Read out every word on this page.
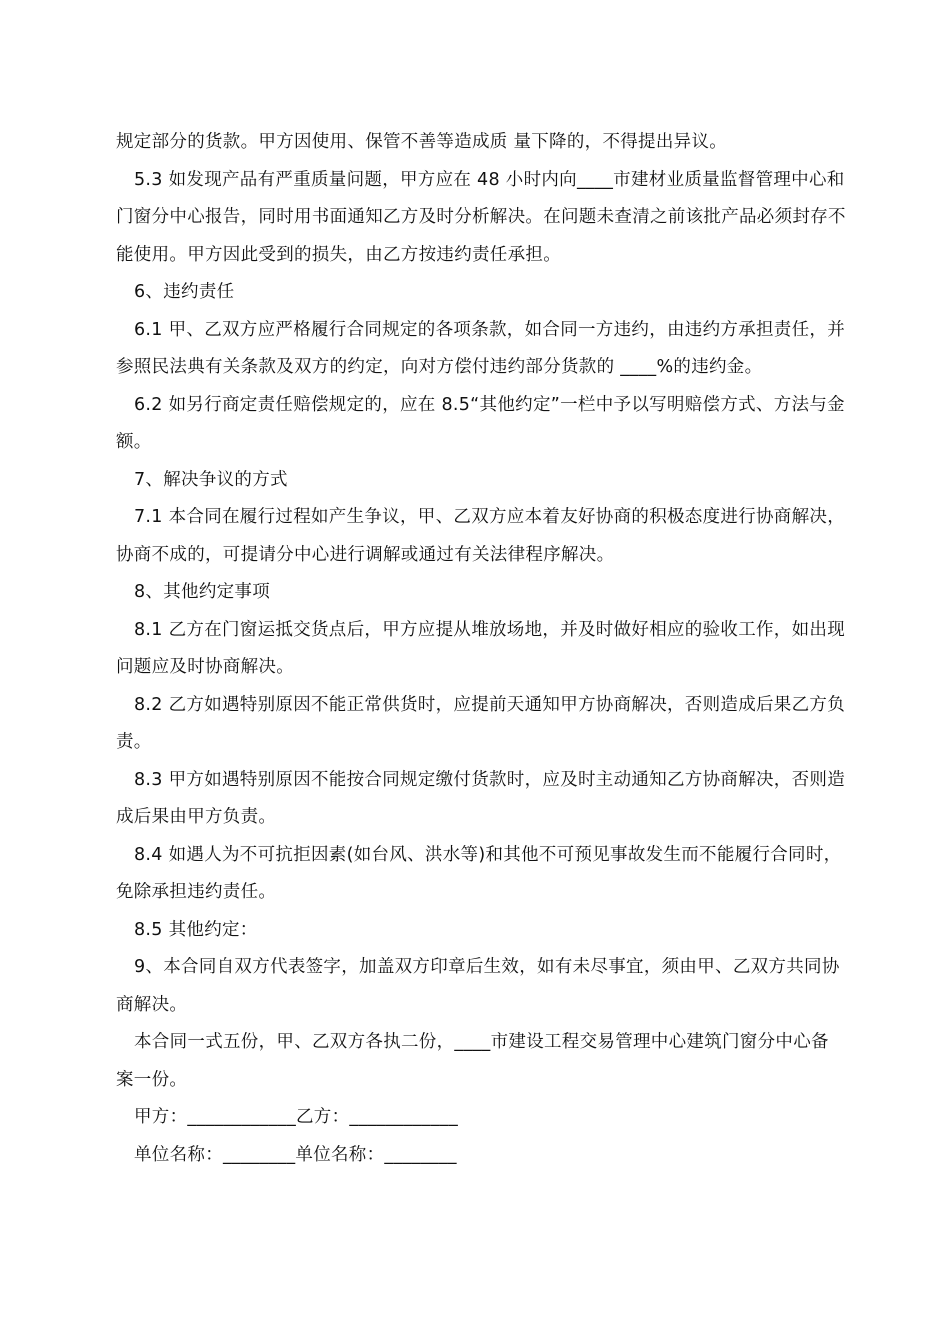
规定部分的货款。甲方因使用、保管不善等造成质 量下降的，不得提出异议。

5.3 如发现产品有严重质量问题，甲方应在 48 小时内向____市建材业质量监督管理中心和门窗分中心报告，同时用书面通知乙方及时分析解决。在问题未查清之前该批产品必须封存不能使用。甲方因此受到的损失，由乙方按违约责任承担。

6、违约责任

6.1 甲、乙双方应严格履行合同规定的各项条款，如合同一方违约，由违约方承担责任，并参照民法典有关条款及双方的约定，向对方偿付违约部分货款的 ____%的违约金。

6.2 如另行商定责任赔偿规定的，应在 8.5“其他约定”一栏中予以写明赔偿方式、方法与金额。

7、解决争议的方式

7.1 本合同在履行过程如产生争议，甲、乙双方应本着友好协商的积极态度进行协商解决，协商不成的，可提请分中心进行调解或通过有关法律程序解决。

8、其他约定事项

8.1 乙方在门窗运抵交货点后，甲方应提从堆放场地，并及时做好相应的验收工作，如出现问题应及时协商解决。

8.2 乙方如遇特别原因不能正常供货时，应提前天通知甲方协商解决，否则造成后果乙方负责。

8.3 甲方如遇特别原因不能按合同规定缴付货款时，应及时主动通知乙方协商解决，否则造成后果由甲方负责。

8.4 如遇人为不可抗拒因素(如台风、洪水等)和其他不可预见事故发生而不能履行合同时，免除承担违约责任。

8.5 其他约定：

9、本合同自双方代表签字，加盖双方印章后生效，如有未尽事宜，须由甲、乙双方共同协商解决。

本合同一式五份，甲、乙双方各执二份，____市建设工程交易管理中心建筑门窗分中心备案一份。

甲方：____________乙方：____________

单位名称：________单位名称：________
